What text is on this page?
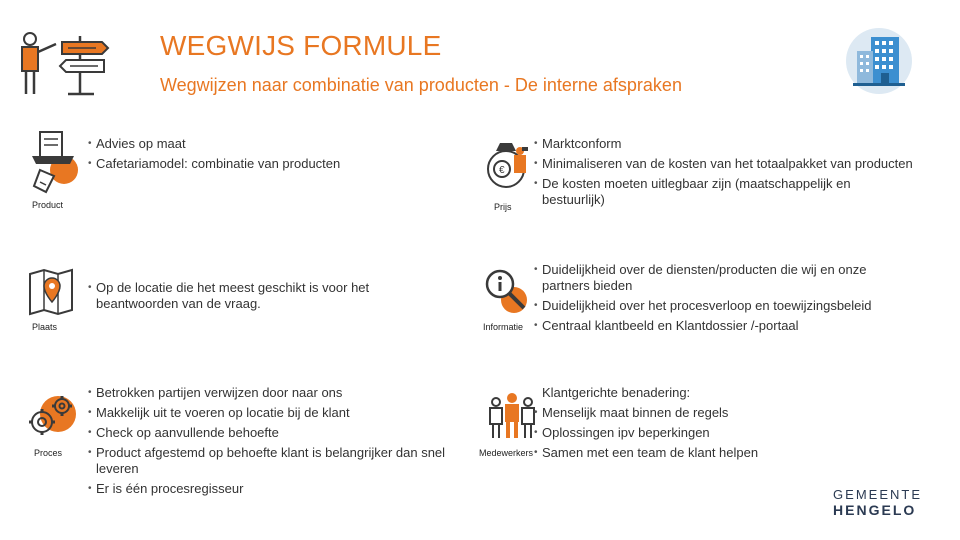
WEGWIJS FORMULE
Wegwijzen naar combinatie van producten - De interne afspraken
Product
• Advies op maat
• Cafetariamodel: combinatie van producten	€
Prijs
• Marktconform
• Minimaliseren van de kosten van het totaalpakket van producten
• De kosten moeten uitlegbaar zijn (maatschappelijk en bestuurlijk)
Plaats
• Op de locatie die het meest geschikt is voor het beantwoorden van de vraag.
Informatie
• Duidelijkheid over de diensten/producten die wij en onze partners bieden
• Duidelijkheid over het procesverloop en toewijzingsbeleid
• Centraal klantbeeld en Klantdossier /-portaal
Proces
• Betrokken partijen verwijzen door naar ons
• Makkelijk uit te voeren op locatie bij de klant
• Check op aanvullende behoefte
• Product afgestemd op behoefte klant is belangrijker dan snel leveren
• Er is één procesregisseur
Medewerkers
Klantgerichte benadering:
• Menselijk maat binnen de regels
• Oplossingen ipv beperkingen
• Samen met een team de klant helpen
GEMEENTE
HENGELO
